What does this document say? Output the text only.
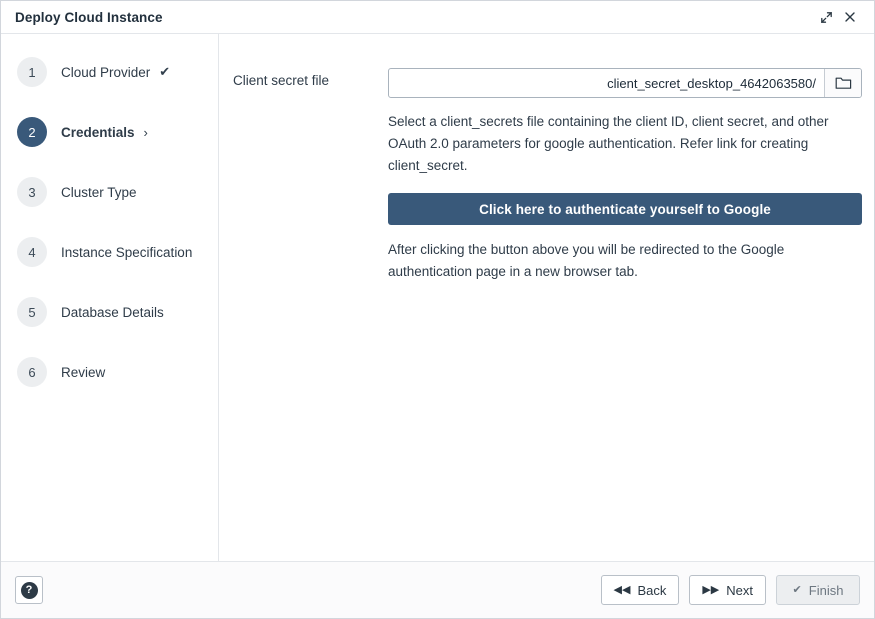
Deploy Cloud Instance
1	Cloud Provider ✔
2	Credentials ›
3	Cluster Type
4	Instance Specification
5	Database Details
6	Review
Client secret file
/client_secret_desktop_4642063580
Select a client_secrets file containing the client ID, client secret, and other OAuth 2.0 parameters for google authentication. Refer link for creating client_secret.
Click here to authenticate yourself to Google
After clicking the button above you will be redirected to the Google authentication page in a new browser tab.
?	◀◀ Back	▶▶ Next	✔ Finish
